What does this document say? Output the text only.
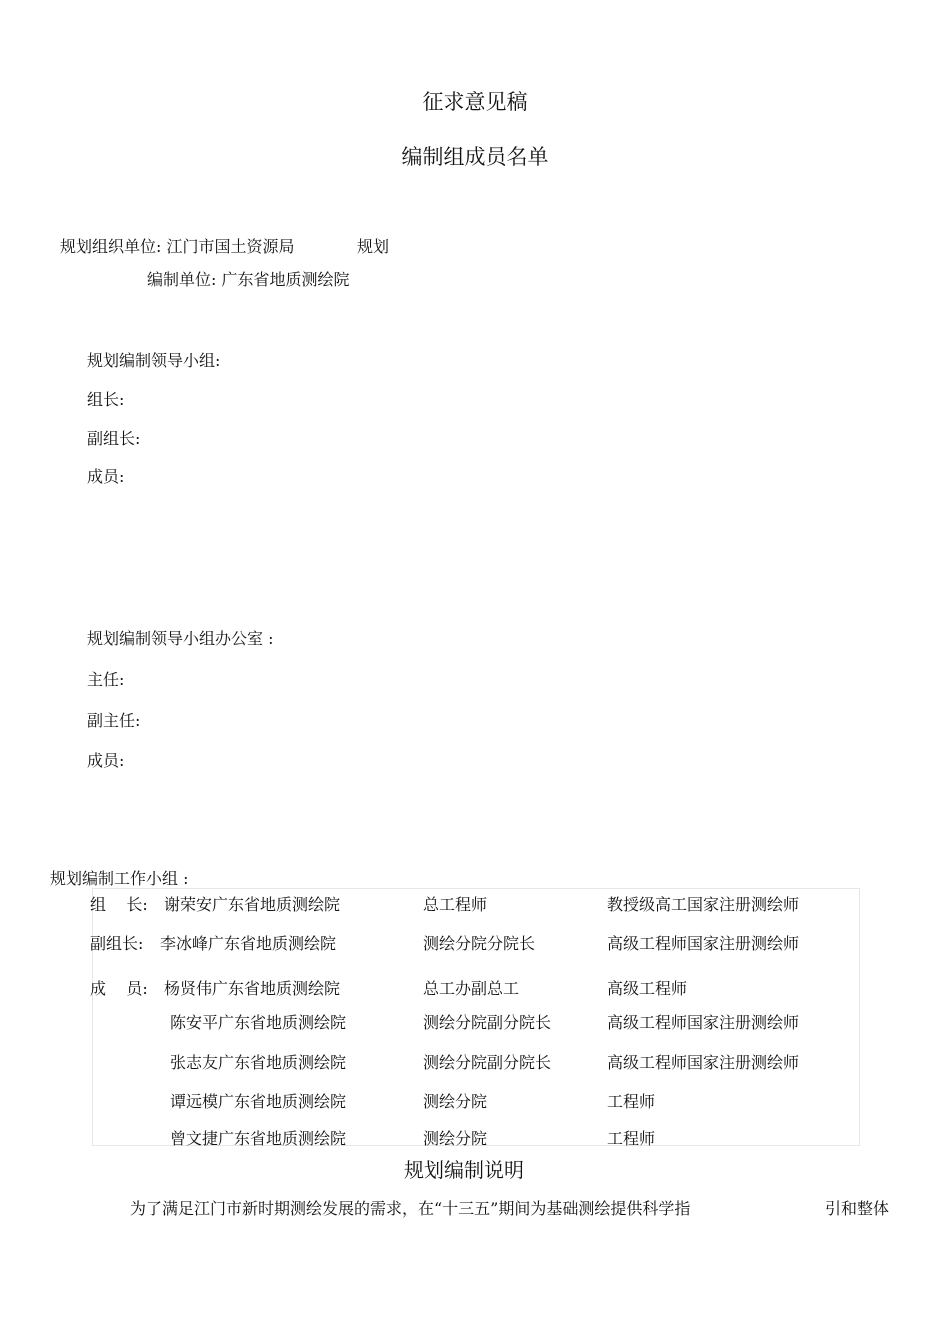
征求意见稿
编制组成员名单
规划组织单位: 江门市国土资源局	规划
编制单位: 广东省地质测绘院
规划编制领导小组:
组长:
副组长:
成员:
规划编制领导小组办公室 :
主任:
副主任:
成员:
规划编制工作小组 :
组    长: 谢荣安广东省地质测绘院	总工程师	教授级高工国家注册测绘师
副组长: 李冰峰广东省地质测绘院	测绘分院分院长	高级工程师国家注册测绘师
成    员: 杨贤伟广东省地质测绘院	总工办副总工	高级工程师
陈安平广东省地质测绘院	测绘分院副分院长	高级工程师国家注册测绘师
张志友广东省地质测绘院	测绘分院副分院长	高级工程师国家注册测绘师
谭远模广东省地质测绘院	测绘分院	工程师
曾文捷广东省地质测绘院	测绘分院	工程师
规划编制说明
为了满足江门市新时期测绘发展的需求，在“十三五”期间为基础测绘提供科学指	引和整体
